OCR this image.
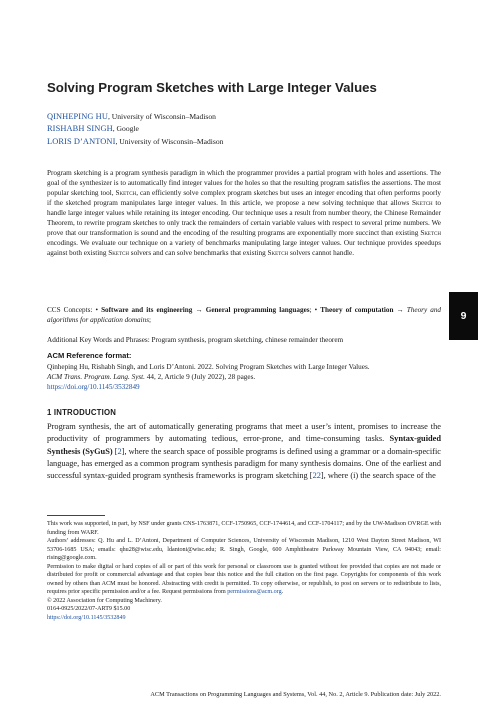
Solving Program Sketches with Large Integer Values
QINHEPING HU, University of Wisconsin–Madison
RISHABH SINGH, Google
LORIS D’ANTONI, University of Wisconsin–Madison

Program sketching is a program synthesis paradigm in which the programmer provides a partial program with holes and assertions. The goal of the synthesizer is to automatically find integer values for the holes so that the resulting program satisfies the assertions. The most popular sketching tool, Sketch, can efficiently solve complex program sketches but uses an integer encoding that often performs poorly if the sketched program manipulates large integer values. In this article, we propose a new solving technique that allows Sketch to handle large integer values while retaining its integer encoding. Our technique uses a result from number theory, the Chinese Remainder Theorem, to rewrite program sketches to only track the remainders of certain variable values with respect to several prime numbers. We prove that our transformation is sound and the encoding of the resulting programs are exponentially more succinct than existing Sketch encodings. We evaluate our technique on a variety of benchmarks manipulating large integer values. Our technique provides speedups against both existing Sketch solvers and can solve benchmarks that existing Sketch solvers cannot handle.

CCS Concepts: • Software and its engineering → General programming languages; • Theory of computation → Theory and algorithms for application domains;

Additional Key Words and Phrases: Program synthesis, program sketching, chinese remainder theorem

ACM Reference format:

Qinheping Hu, Rishabh Singh, and Loris D’Antoni. 2022. Solving Program Sketches with Large Integer Values.
ACM Trans. Program. Lang. Syst. 44, 2, Article 9 (July 2022), 28 pages.
https://doi.org/10.1145/3532849

1 INTRODUCTION

Program synthesis, the art of automatically generating programs that meet a user’s intent, promises to increase the productivity of programmers by automating tedious, error-prone, and time-consuming tasks. Syntax-guided Synthesis (SyGuS) [2], where the search space of possible programs is defined using a grammar or a domain-specific language, has emerged as a common program synthesis paradigm for many synthesis domains. One of the earliest and successful syntax-guided program synthesis frameworks is program sketching [22], where (i) the search space of the

This work was supported, in part, by NSF under grants CNS-1763871, CCF-1750965, CCF-1744614, and CCF-1704117; and by the UW-Madison OVRGE with funding from WARF.
Authors’ addresses: Q. Hu and L. D’Antoni, Department of Computer Sciences, University of Wisconsin Madison, 1210 West Dayton Street Madison, WI 53706-1685 USA; emails: qhu28@wisc.edu, ldantoni@wisc.edu; R. Singh, Google, 600 Amphitheatre Parkway Mountain View, CA 94043; email: rising@google.com.
Permission to make digital or hard copies of all or part of this work for personal or classroom use is granted without fee provided that copies are not made or distributed for profit or commercial advantage and that copies bear this notice and the full citation on the first page. Copyrights for components of this work owned by others than ACM must be honored. Abstracting with credit is permitted. To copy otherwise, or republish, to post on servers or to redistribute to lists, requires prior specific permission and/or a fee. Request permissions from permissions@acm.org.
© 2022 Association for Computing Machinery.
0164-0925/2022/07-ART9 $15.00
https://doi.org/10.1145/3532849

ACM Transactions on Programming Languages and Systems, Vol. 44, No. 2, Article 9. Publication date: July 2022.

9
